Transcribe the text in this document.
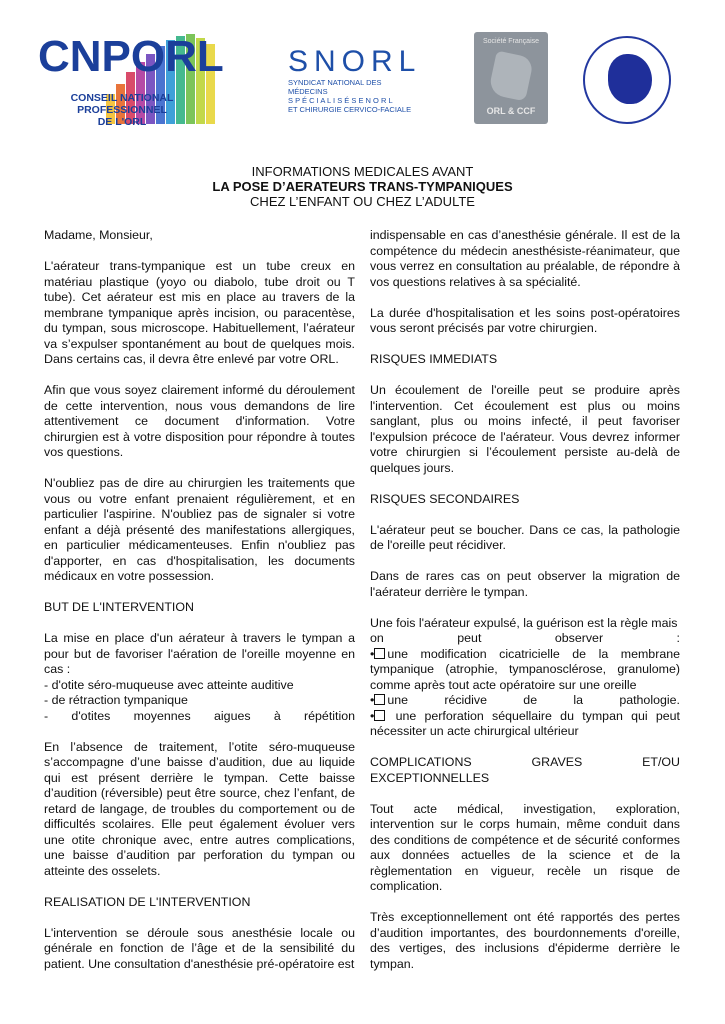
CNPORL
CONSEIL NATIONAL PROFESSIONNEL
DE L'ORL
SNORL
SYNDICAT NATIONAL DES MÉDECINS
S P É C I A L I S É S E N O R L
ET CHIRURGIE CERVICO-FACIALE
Société Française
ORL & CCF
INFORMATIONS MEDICALES AVANT
LA POSE D’AERATEURS TRANS-TYMPANIQUES
CHEZ L’ENFANT OU CHEZ L’ADULTE

Madame, Monsieur,

L'aérateur trans-tympanique est un tube creux en matériau plastique (yoyo ou diabolo, tube droit ou T tube). Cet aérateur est mis en place au travers de la membrane tympanique après incision, ou paracentèse, du tympan, sous microscope. Habituellement, l’aérateur va s’expulser spontanément au bout de quelques mois. Dans certains cas, il devra être enlevé par votre ORL.

Afin que vous soyez clairement informé du déroulement de cette intervention, nous vous demandons de lire attentivement ce document d'information. Votre chirurgien est à votre disposition pour répondre à toutes vos questions.

N'oubliez pas de dire au chirurgien les traitements que vous ou votre enfant prenaient régulièrement, et en particulier l'aspirine. N'oubliez pas de signaler si votre enfant a déjà présenté des manifestations allergiques, en particulier médicamenteuses. Enfin n'oubliez pas d'apporter, en cas d'hospitalisation, les documents médicaux en votre possession.

BUT DE L'INTERVENTION

La mise en place d'un aérateur à travers le tympan a pour but de favoriser l'aération de l'oreille moyenne en cas :

- d'otite séro-muqueuse avec atteinte auditive
- de rétraction tympanique
- d'otites moyennes aigues à répétition

En l’absence de traitement, l’otite séro-muqueuse s’accompagne d’une baisse d’audition, due au liquide qui est présent derrière le tympan. Cette baisse d’audition (réversible) peut être source, chez l’enfant, de retard de langage, de troubles du comportement ou de difficultés scolaires. Elle peut également évoluer vers une otite chronique avec, entre autres complications, une baisse d’audition par perforation du tympan ou atteinte des osselets.

REALISATION DE L'INTERVENTION

L'intervention se déroule sous anesthésie locale ou générale en fonction de l’âge et de la sensibilité du patient. Une consultation d'anesthésie pré-opératoire est

indispensable en cas d’anesthésie générale. Il est de la compétence du médecin anesthésiste-réanimateur, que vous verrez en consultation au préalable, de répondre à vos questions relatives à sa spécialité.

La durée d'hospitalisation et les soins post-opératoires vous seront précisés par votre chirurgien.

RISQUES IMMEDIATS

Un écoulement de l'oreille peut se produire après l'intervention. Cet écoulement est plus ou moins sanglant, plus ou moins infecté, il peut favoriser l'expulsion précoce de l'aérateur. Vous devrez informer votre chirurgien si l’écoulement persiste au-delà de quelques jours.

RISQUES SECONDAIRES

L'aérateur peut se boucher. Dans ce cas, la pathologie de l'oreille peut récidiver.

Dans de rares cas on peut observer la migration de l'aérateur derrière le tympan.

Une fois l'aérateur expulsé, la guérison est la règle mais
on	peut	observer	:
• une modification cicatricielle de la membrane tympanique (atrophie, tympanosclérose, granulome) comme après tout acte opératoire sur une oreille
• une	récidive	de	la	pathologie.

• une perforation séquellaire du tympan qui peut nécessiter un acte chirurgical ultérieur

COMPLICATIONS	GRAVES	ET/OU

EXCEPTIONNELLES

Tout acte médical, investigation, exploration, intervention sur le corps humain, même conduit dans des conditions de compétence et de sécurité conformes aux données actuelles de la science et de la règlementation en vigueur, recèle un risque de complication.

Très exceptionnellement ont été rapportés des pertes d’audition importantes, des bourdonnements d'oreille, des vertiges, des inclusions d'épiderme derrière le tympan.
